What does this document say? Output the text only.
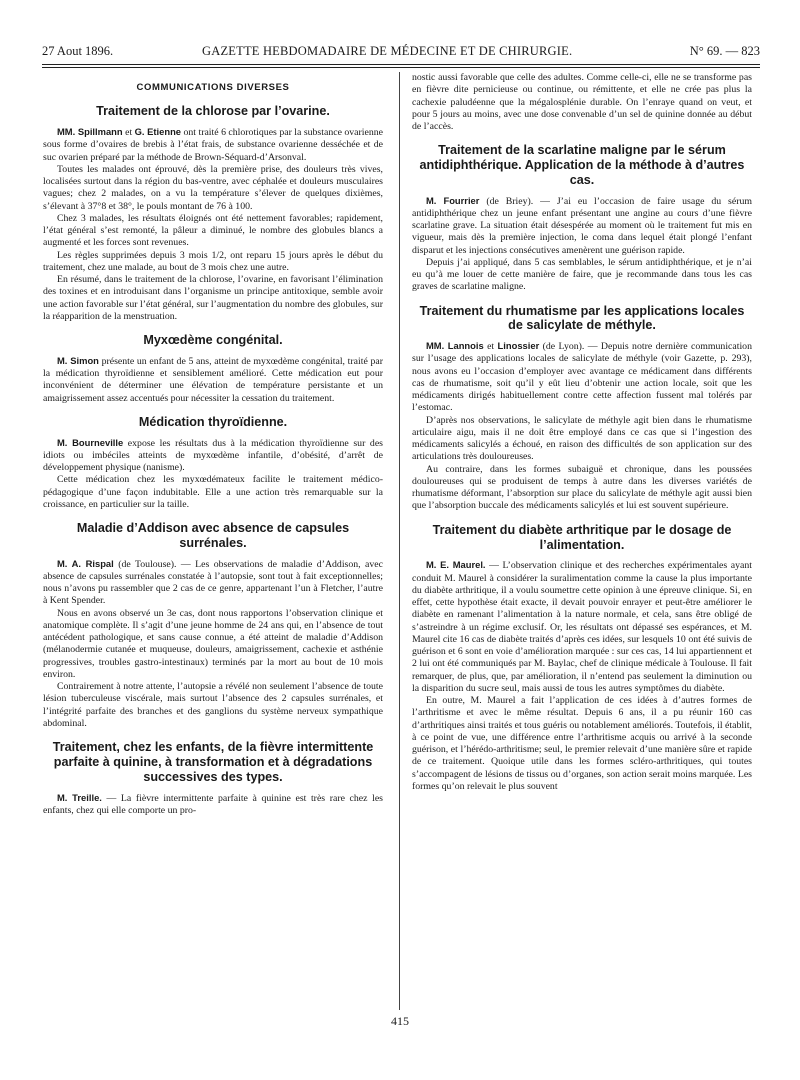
27 Aout 1896.	GAZETTE HEBDOMADAIRE DE MÉDECINE ET DE CHIRURGIE.	N° 69. — 823
COMMUNICATIONS DIVERSES
Traitement de la chlorose par l’ovarine.

MM. Spillmann et G. Etienne ont traité 6 chlorotiques par la substance ovarienne sous forme d’ovaires de brebis à l’état frais, de substance ovarienne desséchée et de suc ovarien préparé par la méthode de Brown-Séquard-d’Arsonval.

Toutes les malades ont éprouvé, dès la première prise, des douleurs très vives, localisées surtout dans la région du bas-ventre, avec céphalée et douleurs musculaires vagues; chez 2 malades, on a vu la température s’élever de quelques dixièmes, s’élevant à 37°8 et 38°, le pouls montant de 76 à 100.

Chez 3 malades, les résultats éloignés ont été nettement favorables; rapidement, l’état général s’est remonté, la pâleur a diminué, le nombre des globules blancs a augmenté et les forces sont revenues.

Les règles supprimées depuis 3 mois 1/2, ont reparu 15 jours après le début du traitement, chez une malade, au bout de 3 mois chez une autre.

En résumé, dans le traitement de la chlorose, l’ovarine, en favorisant l’élimination des toxines et en introduisant dans l’organisme un principe antitoxique, semble avoir une action favorable sur l’état général, sur l’augmentation du nombre des globules, sur la réapparition de la menstruation.

Myxœdème congénital.

M. Simon présente un enfant de 5 ans, atteint de myxœdème congénital, traité par la médication thyroïdienne et sensiblement amélioré. Cette médication eut pour inconvénient de déterminer une élévation de température persistante et un amaigrissement assez accentués pour nécessiter la cessation du traitement.

Médication thyroïdienne.

M. Bourneville expose les résultats dus à la médication thyroïdienne sur des idiots ou imbéciles atteints de myxœdème infantile, d’obésité, d’arrêt de développement physique (nanisme).

Cette médication chez les myxœdémateux facilite le traitement médico-pédagogique d’une façon indubitable. Elle a une action très remarquable sur la croissance, en particulier sur la taille.

Maladie d’Addison avec absence de capsules surrénales.

M. A. Rispal (de Toulouse). — Les observations de maladie d’Addison, avec absence de capsules surrénales constatée à l’autopsie, sont tout à fait exceptionnelles; nous n’avons pu rassembler que 2 cas de ce genre, appartenant l’un à Fletcher, l’autre à Kent Spender.

Nous en avons observé un 3e cas, dont nous rapportons l’observation clinique et anatomique complète. Il s’agit d’une jeune homme de 24 ans qui, en l’absence de tout antécédent pathologique, et sans cause connue, a été atteint de maladie d’Addison (mélanodermie cutanée et muqueuse, douleurs, amaigrissement, cachexie et asthénie progressives, troubles gastro-intestinaux) terminés par la mort au bout de 10 mois environ.

Contrairement à notre attente, l’autopsie a révélé non seulement l’absence de toute lésion tuberculeuse viscérale, mais surtout l’absence des 2 capsules surrénales, et l’intégrité parfaite des branches et des ganglions du système nerveux sympathique abdominal.

Traitement, chez les enfants, de la fièvre intermittente parfaite à quinine, à transformation et à dégradations successives des types.

M. Treille. — La fièvre intermittente parfaite à quinine est très rare chez les enfants, chez qui elle comporte un pro-

nostic aussi favorable que celle des adultes. Comme celle-ci, elle ne se transforme pas en fièvre dite pernicieuse ou continue, ou rémittente, et elle ne crée pas plus la cachexie paludéenne que la mégalosplénie durable. On l’enraye quand on veut, et pour 5 jours au moins, avec une dose convenable d’un sel de quinine donnée au début de l’accès.

Traitement de la scarlatine maligne par le sérum antidiphthérique. Application de la méthode à d’autres cas.

M. Fourrier (de Briey). — J’ai eu l’occasion de faire usage du sérum antidiphthérique chez un jeune enfant présentant une angine au cours d’une fièvre scarlatine grave. La situation était désespérée au moment où le traitement fut mis en vigueur, mais dès la première injection, le coma dans lequel était plongé l’enfant disparut et les injections consécutives amenèrent une guérison rapide.

Depuis j’ai appliqué, dans 5 cas semblables, le sérum antidiphthérique, et je n’ai eu qu’à me louer de cette manière de faire, que je recommande dans tous les cas graves de scarlatine maligne.

Traitement du rhumatisme par les applications locales de salicylate de méthyle.

MM. Lannois et Linossier (de Lyon). — Depuis notre dernière communication sur l’usage des applications locales de salicylate de méthyle (voir Gazette, p. 293), nous avons eu l’occasion d’employer avec avantage ce médicament dans différents cas de rhumatisme, soit qu’il y eût lieu d’obtenir une action locale, soit que les médicaments dirigés habituellement contre cette affection fussent mal tolérés par l’estomac.

D’après nos observations, le salicylate de méthyle agit bien dans le rhumatisme articulaire aigu, mais il ne doit être employé dans ce cas que si l’ingestion des médicaments salicylés a échoué, en raison des difficultés de son application sur des articulations très douloureuses.

Au contraire, dans les formes subaiguë et chronique, dans les poussées douloureuses qui se produisent de temps à autre dans les diverses variétés de rhumatisme déformant, l’absorption sur place du salicylate de méthyle agit aussi bien que l’absorption buccale des médicaments salicylés et lui est souvent supérieure.

Traitement du diabète arthritique par le dosage de l’alimentation.

M. E. Maurel. — L’observation clinique et des recherches expérimentales ayant conduit M. Maurel à considérer la suralimentation comme la cause la plus importante du diabète arthritique, il a voulu soumettre cette opinion à une épreuve clinique. Si, en effet, cette hypothèse était exacte, il devait pouvoir enrayer et peut-être améliorer le diabète en ramenant l’alimentation à la nature normale, et cela, sans être obligé de s’astreindre à un régime exclusif. Or, les résultats ont dépassé ses espérances, et M. Maurel cite 16 cas de diabète traités d’après ces idées, sur lesquels 10 ont été suivis de guérison et 6 sont en voie d’amélioration marquée : sur ces cas, 14 lui appartiennent et 2 lui ont été communiqués par M. Baylac, chef de clinique médicale à Toulouse. Il fait remarquer, de plus, que, par amélioration, il n’entend pas seulement la diminution ou la disparition du sucre seul, mais aussi de tous les autres symptômes du diabète.

En outre, M. Maurel a fait l’application de ces idées à d’autres formes de l’arthritisme et avec le même résultat. Depuis 6 ans, il a pu réunir 160 cas d’arthritiques ainsi traités et tous guéris ou notablement améliorés. Toutefois, il établit, à ce point de vue, une différence entre l’arthritisme acquis ou arrivé à la seconde guérison, et l’hérédo-arthritisme; seul, le premier relevait d’une manière sûre et rapide de ce traitement. Quoique utile dans les formes scléro-arthritiques, qui toutes s’accompagent de lésions de tissus ou d’organes, son action serait moins marquée. Les formes qu’on relevait le plus souvent

415
